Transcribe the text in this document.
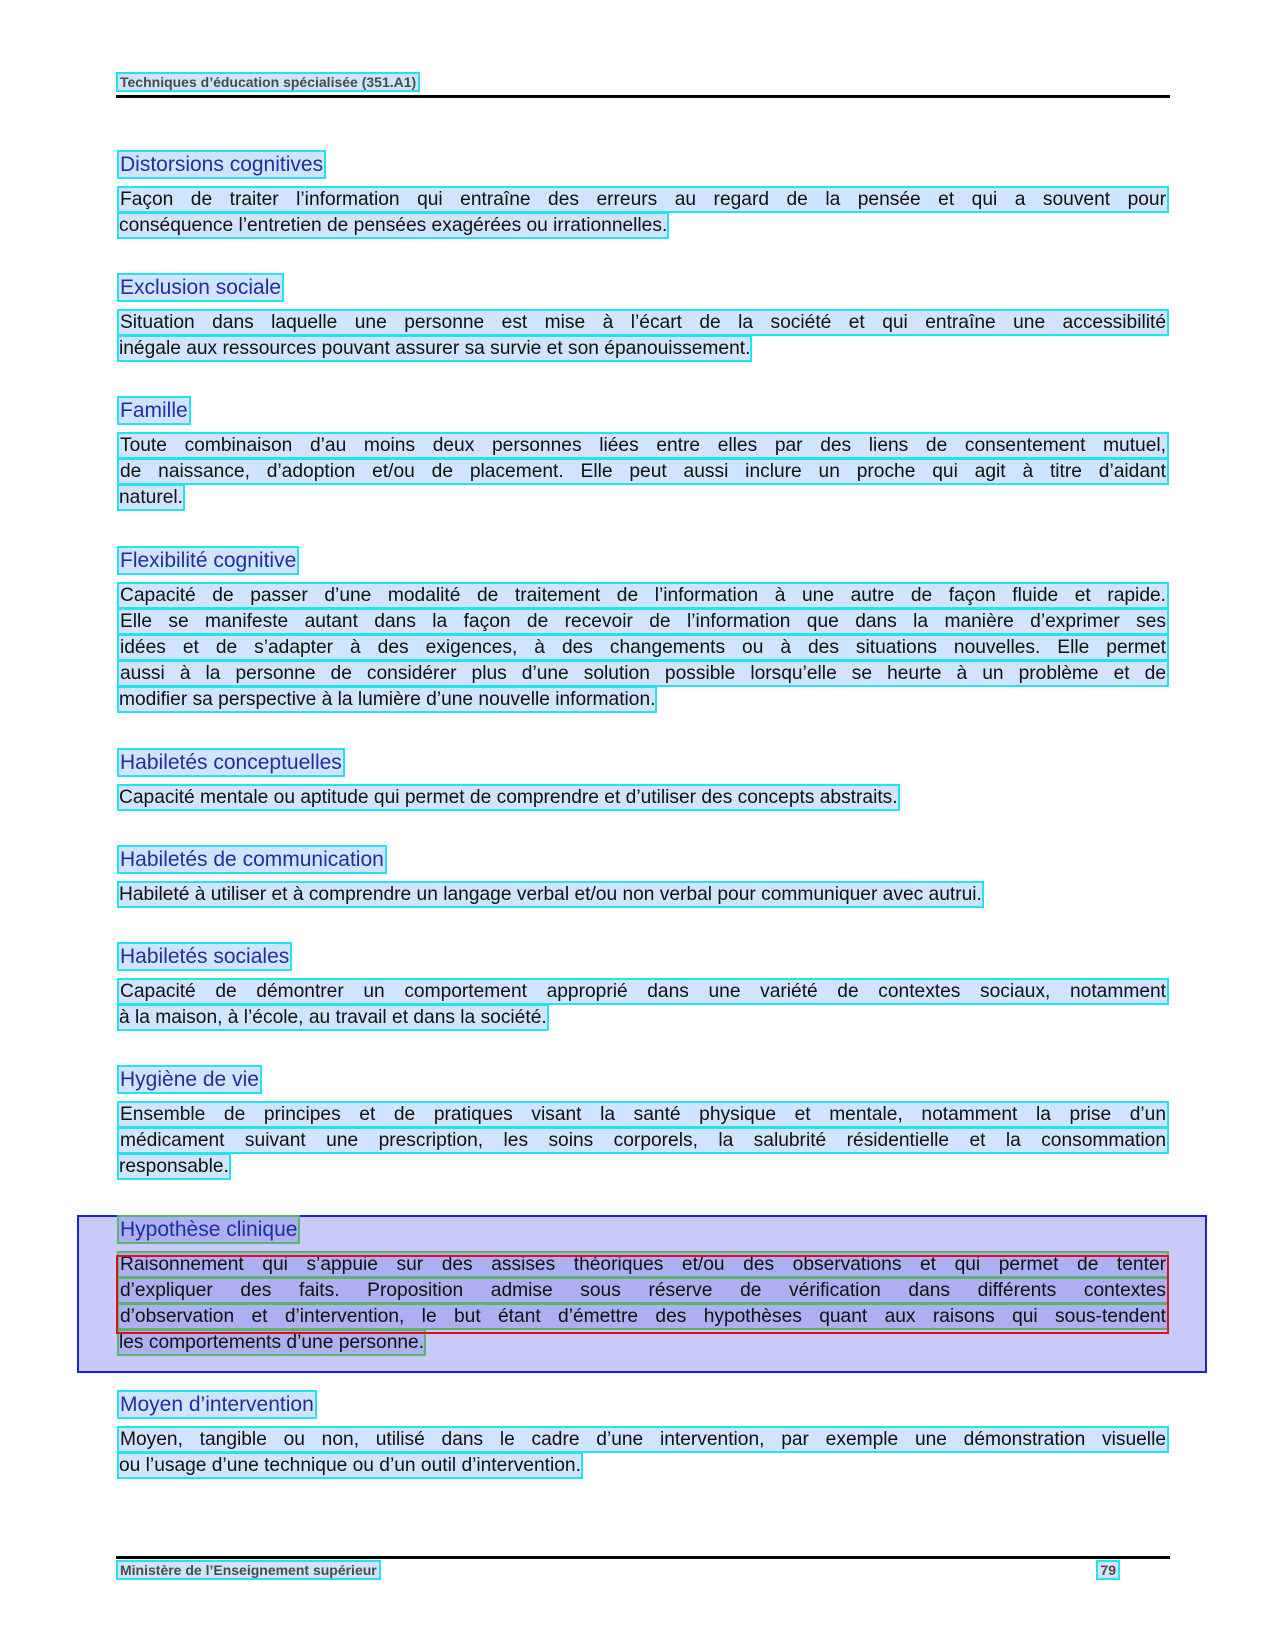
Techniques d’éducation spécialisée (351.A1)
Distorsions cognitives
Façon de traiter l’information qui entraîne des erreurs au regard de la pensée et qui a souvent pour
conséquence l’entretien de pensées exagérées ou irrationnelles.
Exclusion sociale
Situation dans laquelle une personne est mise à l’écart de la société et qui entraîne une accessibilité
inégale aux ressources pouvant assurer sa survie et son épanouissement.
Famille
Toute combinaison d’au moins deux personnes liées entre elles par des liens de consentement mutuel,
de naissance, d’adoption et/ou de placement. Elle peut aussi inclure un proche qui agit à titre d’aidant
naturel.
Flexibilité cognitive
Capacité de passer d’une modalité de traitement de l’information à une autre de façon fluide et rapide.
Elle se manifeste autant dans la façon de recevoir de l’information que dans la manière d’exprimer ses
idées et de s’adapter à des exigences, à des changements ou à des situations nouvelles. Elle permet
aussi à la personne de considérer plus d’une solution possible lorsqu’elle se heurte à un problème et de
modifier sa perspective à la lumière d’une nouvelle information.
Habiletés conceptuelles
Capacité mentale ou aptitude qui permet de comprendre et d’utiliser des concepts abstraits.
Habiletés de communication
Habileté à utiliser et à comprendre un langage verbal et/ou non verbal pour communiquer avec autrui.
Habiletés sociales
Capacité de démontrer un comportement approprié dans une variété de contextes sociaux, notamment
à la maison, à l’école, au travail et dans la société.
Hygiène de vie
Ensemble de principes et de pratiques visant la santé physique et mentale, notamment la prise d’un
médicament suivant une prescription, les soins corporels, la salubrité résidentielle et la consommation
responsable.
Hypothèse clinique
Raisonnement qui s’appuie sur des assises théoriques et/ou des observations et qui permet de tenter
d’expliquer des faits. Proposition admise sous réserve de vérification dans différents contextes
d’observation et d’intervention, le but étant d’émettre des hypothèses quant aux raisons qui sous-tendent
les comportements d’une personne.
Moyen d’intervention
Moyen, tangible ou non, utilisé dans le cadre d’une intervention, par exemple une démonstration visuelle
ou l’usage d’une technique ou d’un outil d’intervention.
Ministère de l’Enseignement supérieur	79
